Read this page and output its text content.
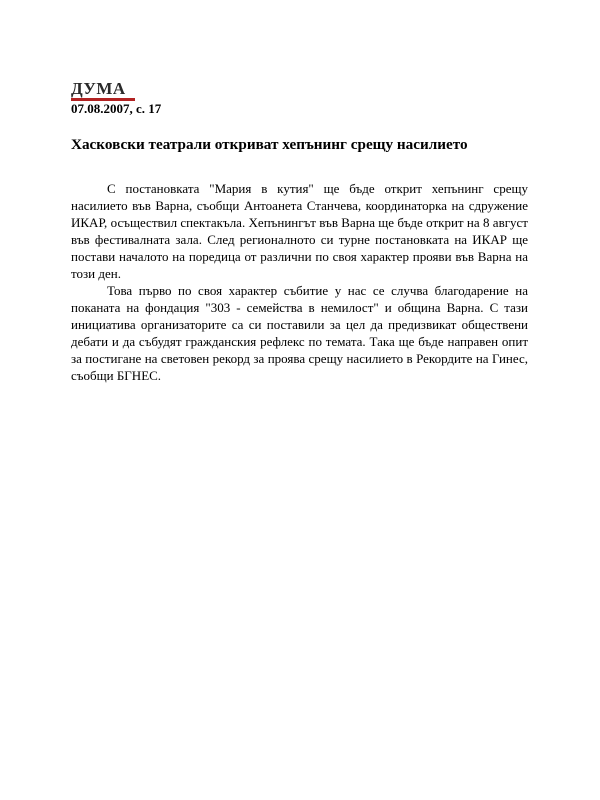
ДУМА
07.08.2007, с. 17
Хасковски театрали откриват хепънинг срещу насилието

С постановката "Мария в кутия" ще бъде открит хепънинг срещу насилието във Варна, съобщи Антоанета Станчева, координаторка на сдружение ИКАР, осъществил спектакъла. Хепънингът във Варна ще бъде открит на 8 август във фестивалната зала. След регионалното си турне постановката на ИКАР ще постави началото на поредица от различни по своя характер прояви във Варна на този ден.

Това първо по своя характер събитие у нас се случва благодарение на поканата на фондация "303 - семейства в немилост" и община Варна. С тази инициатива организаторите са си поставили за цел да предизвикат обществени дебати и да събудят гражданския рефлекс по темата. Така ще бъде направен опит за постигане на световен рекорд за проява срещу насилието в Рекордите на Гинес, съобщи БГНЕС.
